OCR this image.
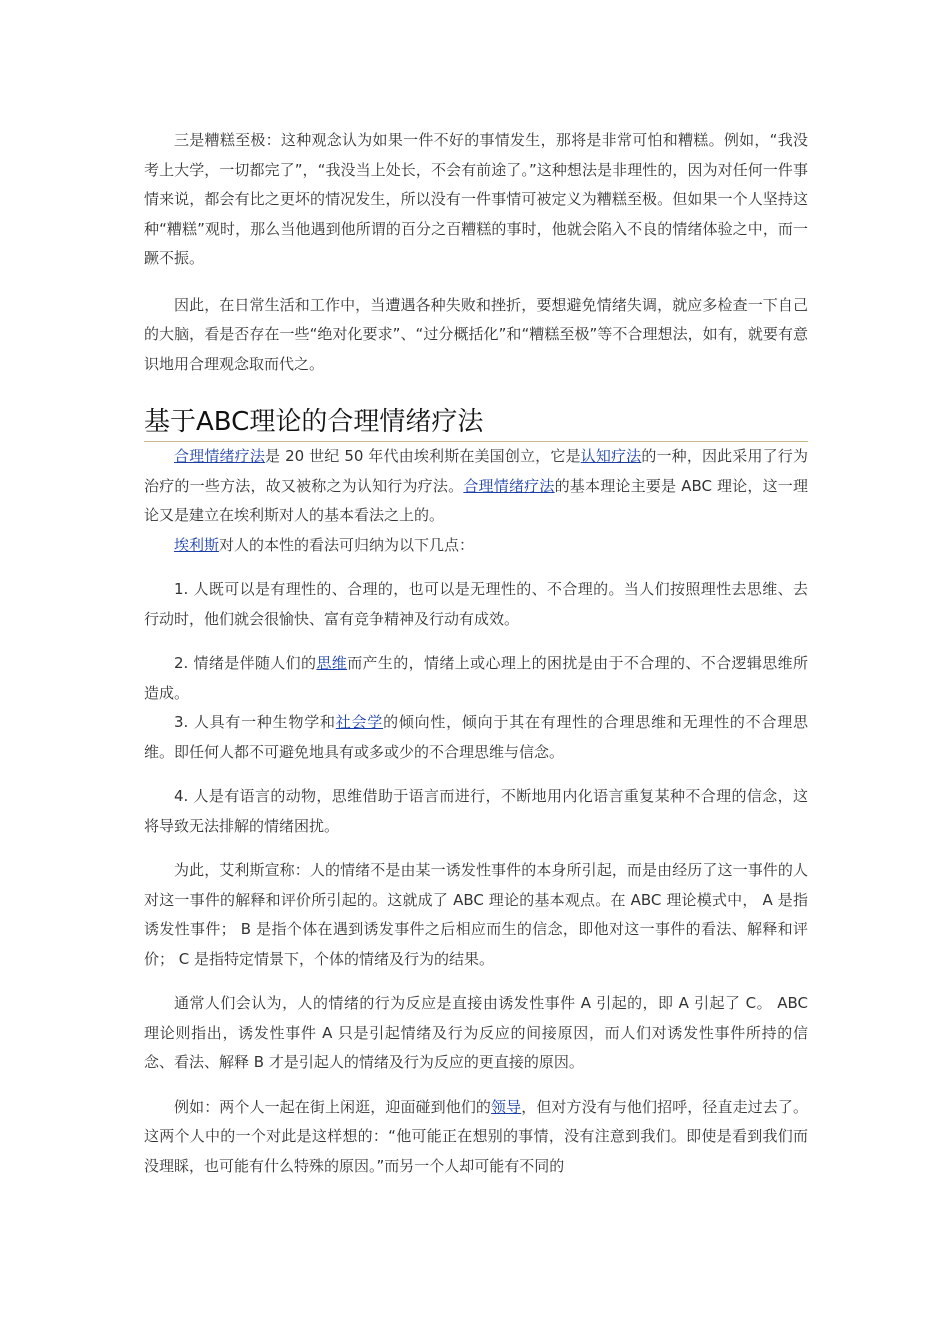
三是糟糕至极：这种观念认为如果一件不好的事情发生，那将是非常可怕和糟糕。例如，“我没考上大学，一切都完了”，“我没当上处长，不会有前途了。”这种想法是非理性的，因为对任何一件事情来说，都会有比之更坏的情况发生，所以没有一件事情可被定义为糟糕至极。但如果一个人坚持这种“糟糕”观时，那么当他遇到他所谓的百分之百糟糕的事时，他就会陷入不良的情绪体验之中，而一蹶不振。

因此，在日常生活和工作中，当遭遇各种失败和挫折，要想避免情绪失调，就应多检查一下自己的大脑，看是否存在一些“绝对化要求”、“过分概括化”和“糟糕至极”等不合理想法，如有，就要有意识地用合理观念取而代之。

基于ABC理论的合理情绪疗法

合理情绪疗法是 20 世纪 50 年代由埃利斯在美国创立，它是认知疗法的一种，因此采用了行为治疗的一些方法，故又被称之为认知行为疗法。合理情绪疗法的基本理论主要是 ABC 理论，这一理论又是建立在埃利斯对人的基本看法之上的。

埃利斯对人的本性的看法可归纳为以下几点：

1. 人既可以是有理性的、合理的，也可以是无理性的、不合理的。当人们按照理性去思维、去行动时，他们就会很愉快、富有竞争精神及行动有成效。

2. 情绪是伴随人们的思维而产生的，情绪上或心理上的困扰是由于不合理的、不合逻辑思维所造成。

3. 人具有一种生物学和社会学的倾向性，倾向于其在有理性的合理思维和无理性的不合理思维。即任何人都不可避免地具有或多或少的不合理思维与信念。

4. 人是有语言的动物，思维借助于语言而进行，不断地用内化语言重复某种不合理的信念，这将导致无法排解的情绪困扰。

为此，艾利斯宣称：人的情绪不是由某一诱发性事件的本身所引起，而是由经历了这一事件的人对这一事件的解释和评价所引起的。这就成了 ABC 理论的基本观点。在 ABC 理论模式中， A 是指诱发性事件； B 是指个体在遇到诱发事件之后相应而生的信念，即他对这一事件的看法、解释和评价； C 是指特定情景下，个体的情绪及行为的结果。

通常人们会认为，人的情绪的行为反应是直接由诱发性事件 A 引起的，即 A 引起了 C。 ABC 理论则指出，诱发性事件 A 只是引起情绪及行为反应的间接原因，而人们对诱发性事件所持的信念、看法、解释 B 才是引起人的情绪及行为反应的更直接的原因。

例如：两个人一起在街上闲逛，迎面碰到他们的领导，但对方没有与他们招呼，径直走过去了。这两个人中的一个对此是这样想的：“他可能正在想别的事情，没有注意到我们。即使是看到我们而没理睬，也可能有什么特殊的原因。”而另一个人却可能有不同的
